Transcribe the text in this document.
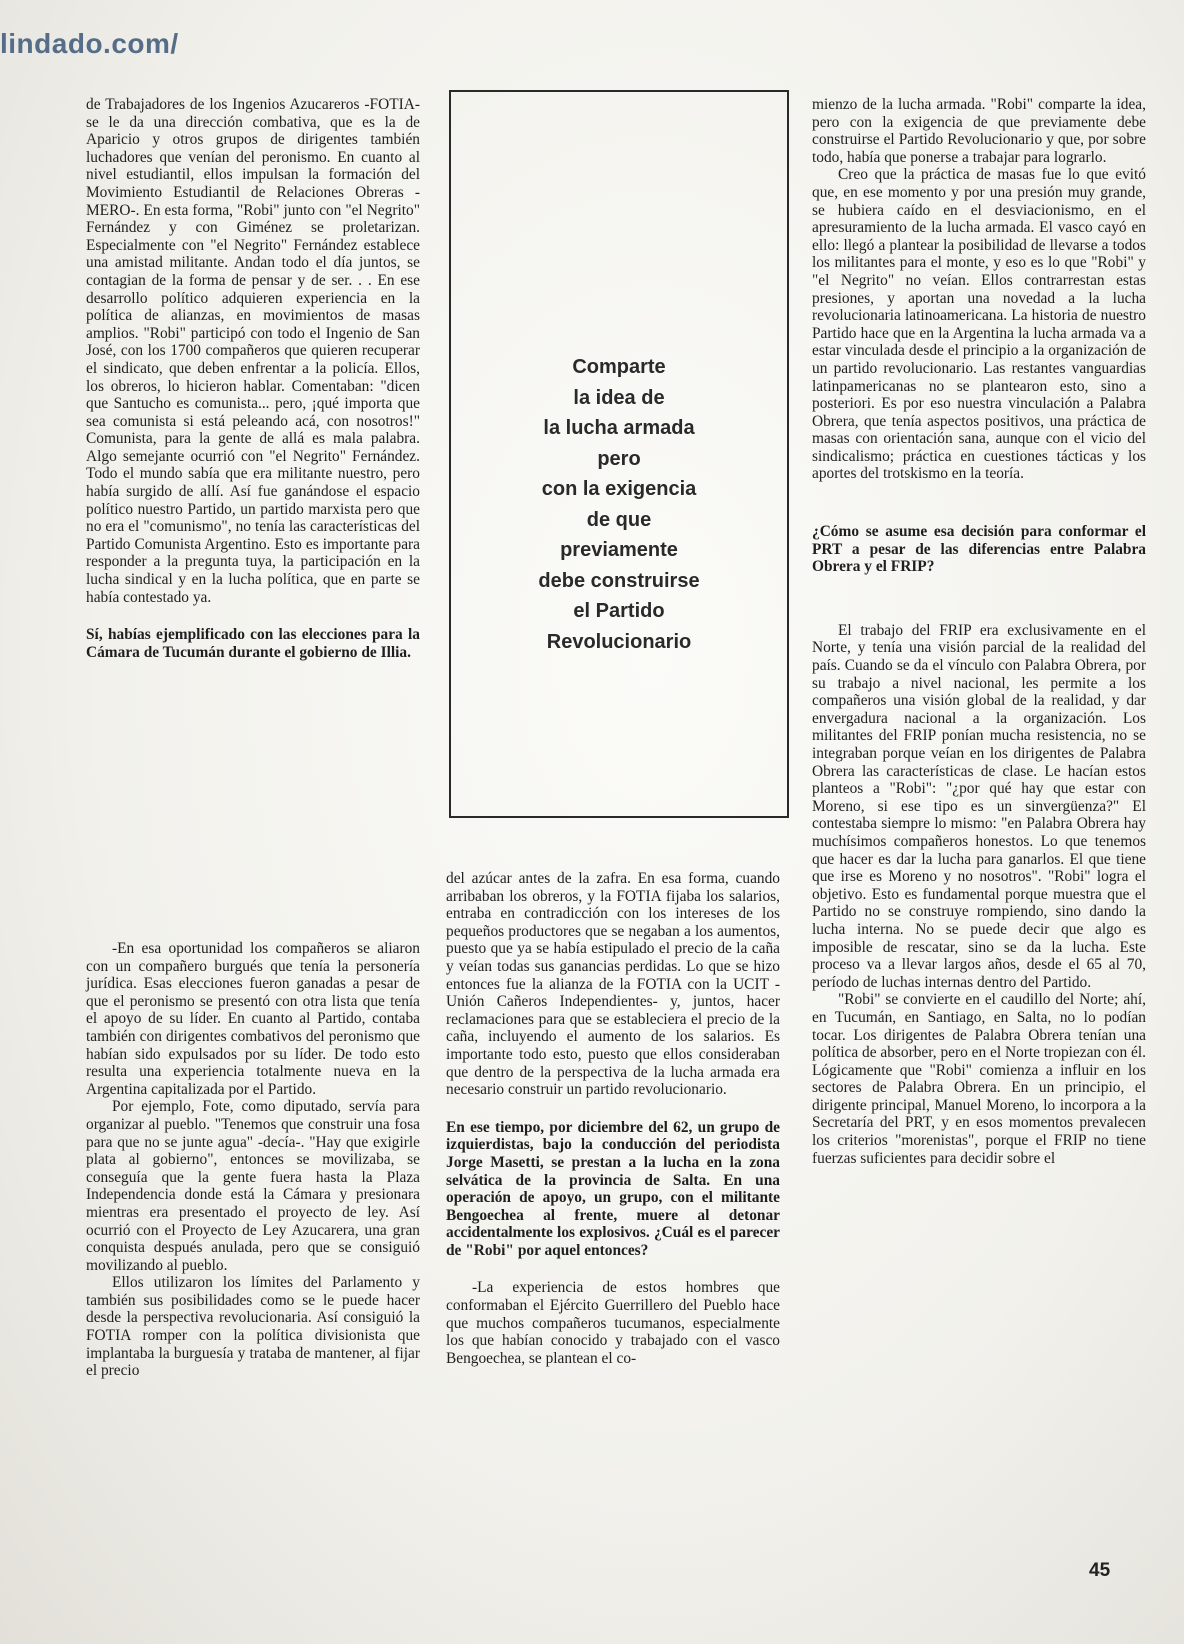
lindado.com/

de Trabajadores de los Ingenios Azucareros -FOTIA- se le da una dirección combativa, que es la de Aparicio y otros grupos de dirigentes también luchadores que venían del peronismo. En cuanto al nivel estudiantil, ellos impulsan la formación del Movimiento Estudiantil de Relaciones Obreras -MERO-. En esta forma, "Robi" junto con "el Negrito" Fernández y con Giménez se proletarizan. Especialmente con "el Negrito" Fernández establece una amistad militante. Andan todo el día juntos, se contagian de la forma de pensar y de ser. . . En ese desarrollo político adquieren experiencia en la política de alianzas, en movimientos de masas amplios. "Robi" participó con todo el Ingenio de San José, con los 1700 compañeros que quieren recuperar el sindicato, que deben enfrentar a la policía. Ellos, los obreros, lo hicieron hablar. Comentaban: "dicen que Santucho es comunista... pero, ¡qué importa que sea comunista si está peleando acá, con nosotros!" Comunista, para la gente de allá es mala palabra. Algo semejante ocurrió con "el Negrito" Fernández. Todo el mundo sabía que era militante nuestro, pero había surgido de allí. Así fue ganándose el espacio político nuestro Partido, un partido marxista pero que no era el "comunismo", no tenía las características del Partido Comunista Argentino. Esto es importante para responder a la pregunta tuya, la participación en la lucha sindical y en la lucha política, que en parte se había contestado ya.

Sí, habías ejemplificado con las elecciones para la Cámara de Tucumán durante el gobierno de Illia.

-En esa oportunidad los compañeros se aliaron con un compañero burgués que tenía la personería jurídica. Esas elecciones fueron ganadas a pesar de que el peronismo se presentó con otra lista que tenía el apoyo de su líder. En cuanto al Partido, contaba también con dirigentes combativos del peronismo que habían sido expulsados por su líder. De todo esto resulta una experiencia totalmente nueva en la Argentina capitalizada por el Partido.

Por ejemplo, Fote, como diputado, servía para organizar al pueblo. "Tenemos que construir una fosa para que no se junte agua" -decía-. "Hay que exigirle plata al gobierno", entonces se movilizaba, se conseguía que la gente fuera hasta la Plaza Independencia donde está la Cámara y presionara mientras era presentado el proyecto de ley. Así ocurrió con el Proyecto de Ley Azucarera, una gran conquista después anulada, pero que se consiguió movilizando al pueblo.

Ellos utilizaron los límites del Parlamento y también sus posibilidades como se le puede hacer desde la perspectiva revolucionaria. Así consiguió la FOTIA romper con la política divisionista que implantaba la burguesía y trataba de mantener, al fijar el precio

Comparte
la idea de
la lucha armada
pero
con la exigencia
de que
previamente
debe construirse
el Partido
Revolucionario

del azúcar antes de la zafra. En esa forma, cuando arribaban los obreros, y la FOTIA fijaba los salarios, entraba en contradicción con los intereses de los pequeños productores que se negaban a los aumentos, puesto que ya se había estipulado el precio de la caña y veían todas sus ganancias perdidas. Lo que se hizo entonces fue la alianza de la FOTIA con la UCIT -Unión Cañeros Independientes- y, juntos, hacer reclamaciones para que se estableciera el precio de la caña, incluyendo el aumento de los salarios. Es importante todo esto, puesto que ellos consideraban que dentro de la perspectiva de la lucha armada era necesario construir un partido revolucionario.

En ese tiempo, por diciembre del 62, un grupo de izquierdistas, bajo la conducción del periodista Jorge Masetti, se prestan a la lucha en la zona selvática de la provincia de Salta. En una operación de apoyo, un grupo, con el militante Bengoechea al frente, muere al detonar accidentalmente los explosivos. ¿Cuál es el parecer de "Robi" por aquel entonces?

-La experiencia de estos hombres que conformaban el Ejército Guerrillero del Pueblo hace que muchos compañeros tucumanos, especialmente los que habían conocido y trabajado con el vasco Bengoechea, se plantean el co-

mienzo de la lucha armada. "Robi" comparte la idea, pero con la exigencia de que previamente debe construirse el Partido Revolucionario y que, por sobre todo, había que ponerse a trabajar para lograrlo.

Creo que la práctica de masas fue lo que evitó que, en ese momento y por una presión muy grande, se hubiera caído en el desviacionismo, en el apresuramiento de la lucha armada. El vasco cayó en ello: llegó a plantear la posibilidad de llevarse a todos los militantes para el monte, y eso es lo que "Robi" y "el Negrito" no veían. Ellos contrarrestan estas presiones, y aportan una novedad a la lucha revolucionaria latinoamericana. La historia de nuestro Partido hace que en la Argentina la lucha armada va a estar vinculada desde el principio a la organización de un partido revolucionario. Las restantes vanguardias latinpamericanas no se plantearon esto, sino a posteriori. Es por eso nuestra vinculación a Palabra Obrera, que tenía aspectos positivos, una práctica de masas con orientación sana, aunque con el vicio del sindicalismo; práctica en cuestiones tácticas y los aportes del trotskismo en la teoría.

¿Cómo se asume esa decisión para conformar el PRT a pesar de las diferencias entre Palabra Obrera y el FRIP?

El trabajo del FRIP era exclusivamente en el Norte, y tenía una visión parcial de la realidad del país. Cuando se da el vínculo con Palabra Obrera, por su trabajo a nivel nacional, les permite a los compañeros una visión global de la realidad, y dar envergadura nacional a la organización. Los militantes del FRIP ponían mucha resistencia, no se integraban porque veían en los dirigentes de Palabra Obrera las características de clase. Le hacían estos planteos a "Robi": "¿por qué hay que estar con Moreno, si ese tipo es un sinvergüenza?" El contestaba siempre lo mismo: "en Palabra Obrera hay muchísimos compañeros honestos. Lo que tenemos que hacer es dar la lucha para ganarlos. El que tiene que irse es Moreno y no nosotros". "Robi" logra el objetivo. Esto es fundamental porque muestra que el Partido no se construye rompiendo, sino dando la lucha interna. No se puede decir que algo es imposible de rescatar, sino se da la lucha. Este proceso va a llevar largos años, desde el 65 al 70, período de luchas internas dentro del Partido.

"Robi" se convierte en el caudillo del Norte; ahí, en Tucumán, en Santiago, en Salta, no lo podían tocar. Los dirigentes de Palabra Obrera tenían una política de absorber, pero en el Norte tropiezan con él. Lógicamente que "Robi" comienza a influir en los sectores de Palabra Obrera. En un principio, el dirigente principal, Manuel Moreno, lo incorpora a la Secretaría del PRT, y en esos momentos prevalecen los criterios "morenistas", porque el FRIP no tiene fuerzas suficientes para decidir sobre el

45
